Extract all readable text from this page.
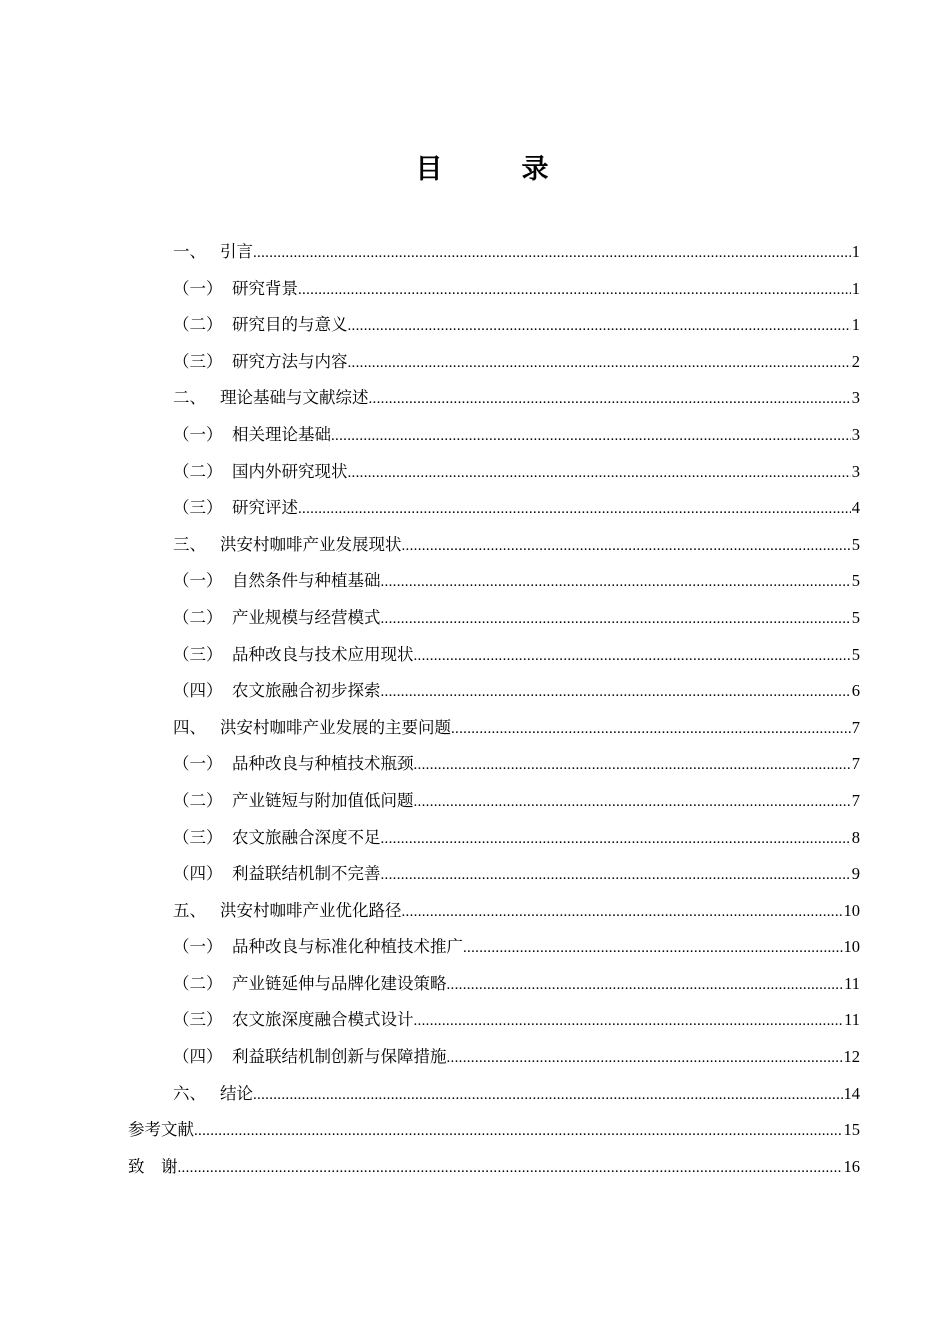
目　录
一、 引言 .....	1
（一） 研究背景 .....	1
（二） 研究目的与意义 .....	1
（三） 研究方法与内容 .....	2
二、 理论基础与文献综述 .....	3
（一） 相关理论基础 .....	3
（二） 国内外研究现状 .....	3
（三） 研究评述 .....	4
三、 洪安村咖啡产业发展现状 .....	5
（一） 自然条件与种植基础 .....	5
（二） 产业规模与经营模式 .....	5
（三） 品种改良与技术应用现状 .....	5
（四） 农文旅融合初步探索 .....	6
四、 洪安村咖啡产业发展的主要问题 .....	7
（一） 品种改良与种植技术瓶颈 .....	7
（二） 产业链短与附加值低问题 .....	7
（三） 农文旅融合深度不足 .....	8
（四） 利益联结机制不完善 .....	9
五、 洪安村咖啡产业优化路径 .....	10
（一） 品种改良与标准化种植技术推广 .....	10
（二） 产业链延伸与品牌化建设策略 .....	11
（三） 农文旅深度融合模式设计 .....	11
（四） 利益联结机制创新与保障措施 .....	12
六、 结论 .....	14
参考文献 .....	15
致　谢 .....	16
